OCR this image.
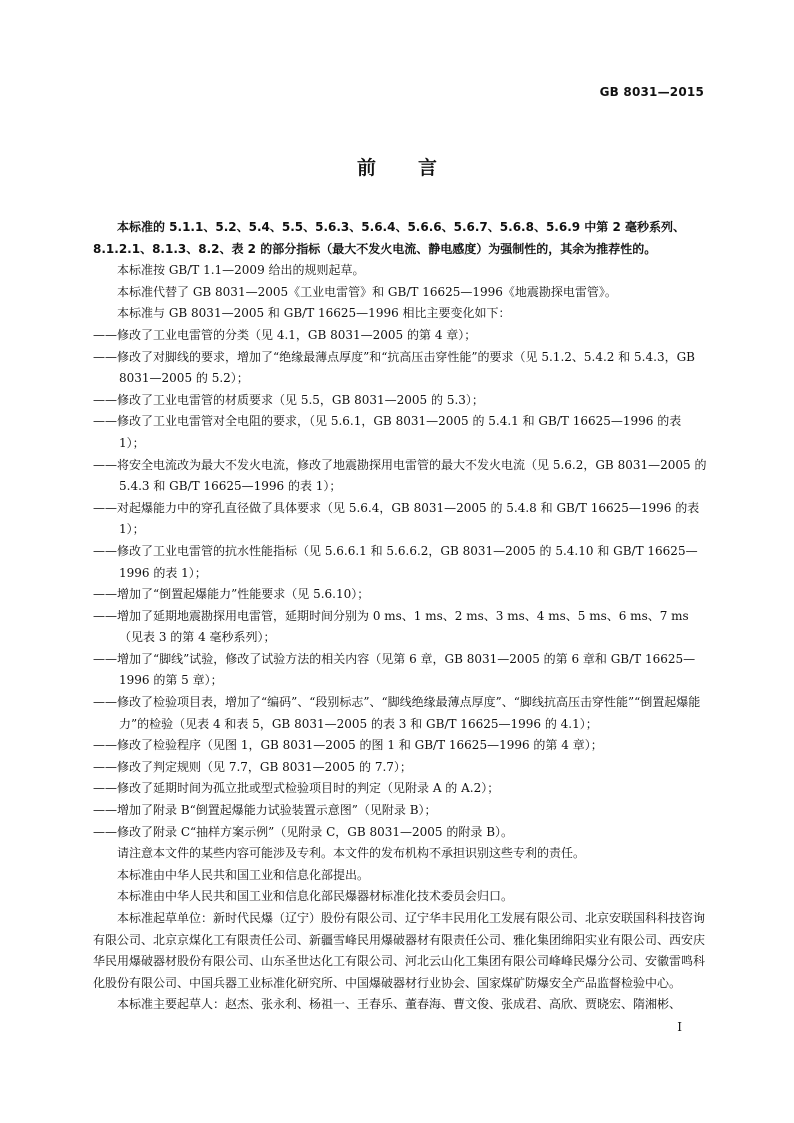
GB 8031—2015
前言

本标准的 5.1.1、5.2、5.4、5.5、5.6.3、5.6.4、5.6.6、5.6.7、5.6.8、5.6.9 中第 2 毫秒系列、8.1.2.1、8.1.3、8.2、表 2 的部分指标（最大不发火电流、静电感度）为强制性的，其余为推荐性的。

本标准按 GB/T 1.1—2009 给出的规则起草。

本标准代替了 GB 8031—2005《工业电雷管》和 GB/T 16625—1996《地震勘探电雷管》。

本标准与 GB 8031—2005 和 GB/T 16625—1996 相比主要变化如下：

——修改了工业电雷管的分类（见 4.1，GB 8031—2005 的第 4 章）；

——修改了对脚线的要求，增加了“绝缘最薄点厚度”和“抗高压击穿性能”的要求（见 5.1.2、5.4.2 和 5.4.3，GB 8031—2005 的 5.2）；

——修改了工业电雷管的材质要求（见 5.5，GB 8031—2005 的 5.3）；

——修改了工业电雷管对全电阻的要求，（见 5.6.1，GB 8031—2005 的 5.4.1 和 GB/T 16625—1996 的表 1）；

——将安全电流改为最大不发火电流，修改了地震勘探用电雷管的最大不发火电流（见 5.6.2，GB 8031—2005 的 5.4.3 和 GB/T 16625—1996 的表 1）；

——对起爆能力中的穿孔直径做了具体要求（见 5.6.4，GB 8031—2005 的 5.4.8 和 GB/T 16625—1996 的表 1）；

——修改了工业电雷管的抗水性能指标（见 5.6.6.1 和 5.6.6.2，GB 8031—2005 的 5.4.10 和 GB/T 16625—1996 的表 1）；

——增加了“倒置起爆能力”性能要求（见 5.6.10）；

——增加了延期地震勘探用电雷管，延期时间分别为 0 ms、1 ms、2 ms、3 ms、4 ms、5 ms、6 ms、7 ms（见表 3 的第 4 毫秒系列）；

——增加了“脚线”试验，修改了试验方法的相关内容（见第 6 章，GB 8031—2005 的第 6 章和 GB/T 16625—1996 的第 5 章）；

——修改了检验项目表，增加了“编码”、“段别标志”、“脚线绝缘最薄点厚度”、“脚线抗高压击穿性能”“倒置起爆能力”的检验（见表 4 和表 5，GB 8031—2005 的表 3 和 GB/T 16625—1996 的 4.1）；

——修改了检验程序（见图 1，GB 8031—2005 的图 1 和 GB/T 16625—1996 的第 4 章）；

——修改了判定规则（见 7.7，GB 8031—2005 的 7.7）；

——修改了延期时间为孤立批或型式检验项目时的判定（见附录 A 的 A.2）；

——增加了附录 B“倒置起爆能力试验装置示意图”（见附录 B）；

——修改了附录 C“抽样方案示例”（见附录 C，GB 8031—2005 的附录 B）。

请注意本文件的某些内容可能涉及专利。本文件的发布机构不承担识别这些专利的责任。

本标准由中华人民共和国工业和信息化部提出。

本标准由中华人民共和国工业和信息化部民爆器材标准化技术委员会归口。

本标准起草单位：新时代民爆（辽宁）股份有限公司、辽宁华丰民用化工发展有限公司、北京安联国科科技咨询有限公司、北京京煤化工有限责任公司、新疆雪峰民用爆破器材有限责任公司、雅化集团绵阳实业有限公司、西安庆华民用爆破器材股份有限公司、山东圣世达化工有限公司、河北云山化工集团有限公司峰峰民爆分公司、安徽雷鸣科化股份有限公司、中国兵器工业标准化研究所、中国爆破器材行业协会、国家煤矿防爆安全产品监督检验中心。

本标准主要起草人：赵杰、张永利、杨祖一、王春乐、董春海、曹文俊、张成君、高欣、贾晓宏、隋湘彬、

I
